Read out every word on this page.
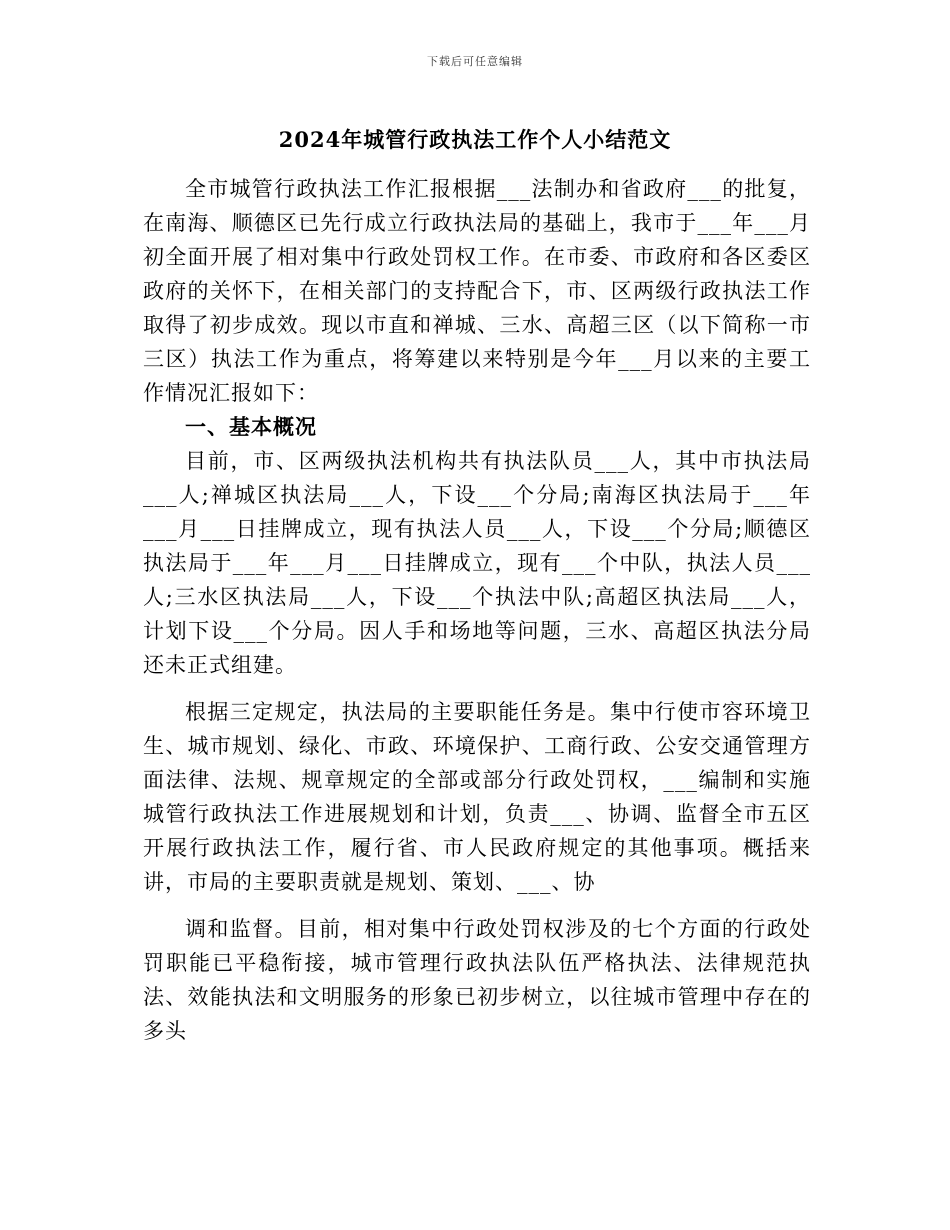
下载后可任意编辑
2024年城管行政执法工作个人小结范文

全市城管行政执法工作汇报根据___法制办和省政府___的批复，在南海、顺德区已先行成立行政执法局的基础上，我市于___年___月初全面开展了相对集中行政处罚权工作。在市委、市政府和各区委区政府的关怀下，在相关部门的支持配合下，市、区两级行政执法工作取得了初步成效。现以市直和禅城、三水、高超三区（以下简称一市三区）执法工作为重点，将筹建以来特别是今年___月以来的主要工作情况汇报如下：

一、基本概况

目前，市、区两级执法机构共有执法队员___人，其中市执法局___人;禅城区执法局___人，下设___个分局;南海区执法局于___年___月___日挂牌成立，现有执法人员___人，下设___个分局;顺德区执法局于___年___月___日挂牌成立，现有___个中队，执法人员___人;三水区执法局___人，下设___个执法中队;高超区执法局___人，计划下设___个分局。因人手和场地等问题，三水、高超区执法分局还未正式组建。

根据三定规定，执法局的主要职能任务是。集中行使市容环境卫生、城市规划、绿化、市政、环境保护、工商行政、公安交通管理方面法律、法规、规章规定的全部或部分行政处罚权，___编制和实施城管行政执法工作进展规划和计划，负责___、协调、监督全市五区开展行政执法工作，履行省、市人民政府规定的其他事项。概括来讲，市局的主要职责就是规划、策划、___、协

调和监督。目前，相对集中行政处罚权涉及的七个方面的行政处罚职能已平稳衔接，城市管理行政执法队伍严格执法、法律规范执法、效能执法和文明服务的形象已初步树立，以往城市管理中存在的多头
